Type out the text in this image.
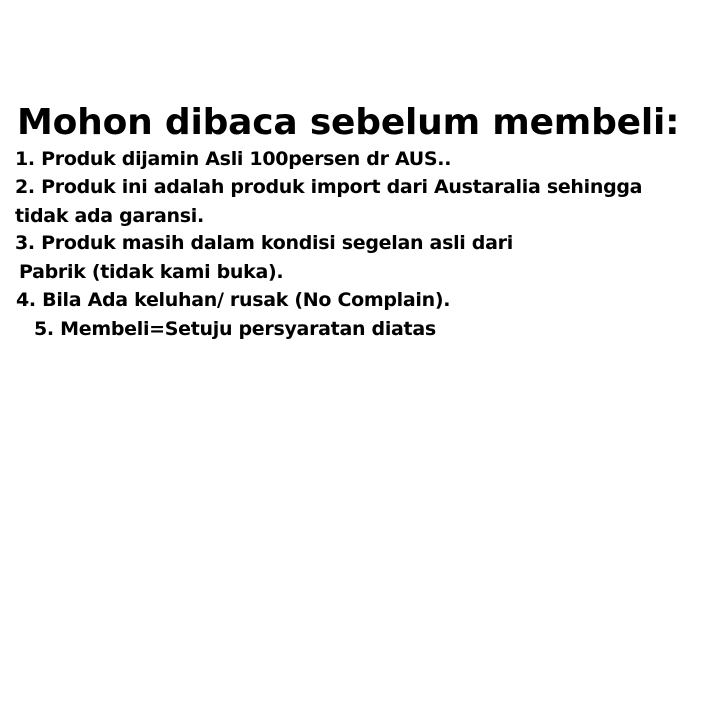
Mohon dibaca sebelum membeli:

1. Produk dijamin Asli 100persen dr AUS..

2. Produk ini adalah produk import dari Austaralia sehingga

tidak ada garansi.

3. Produk masih dalam kondisi segelan asli dari

Pabrik (tidak kami buka).

4. Bila Ada keluhan/ rusak (No Complain).

5. Membeli=Setuju persyaratan diatas
